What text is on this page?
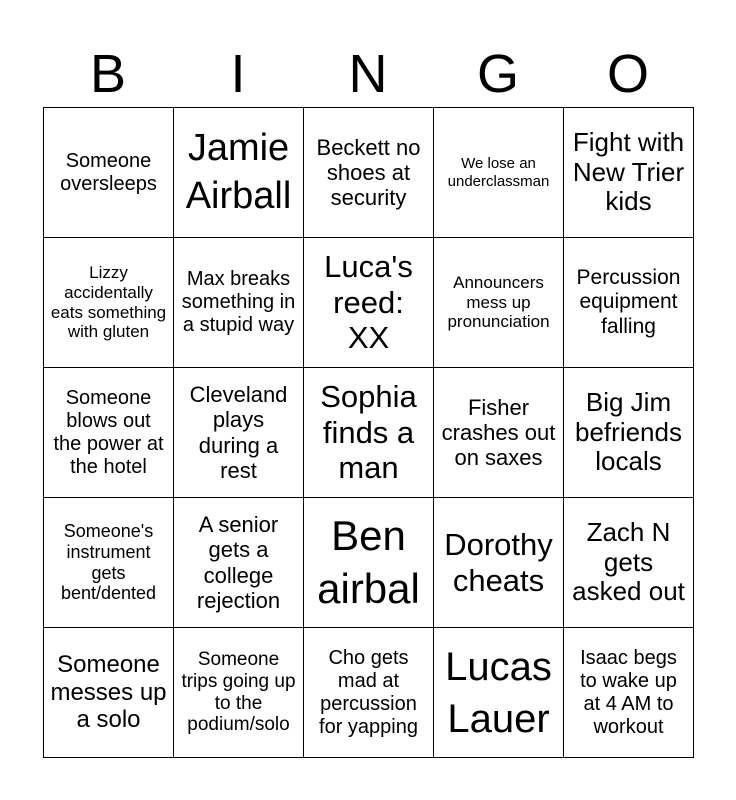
B	I	N	G	O
Someone oversleeps
Jamie Airball
Beckett no shoes at security
We lose an underclassman
Fight with New Trier kids
Lizzy accidentally eats something with gluten
Max breaks something in a stupid way
Luca's reed: XX
Announcers mess up pronunciation
Percussion equipment falling
Someone blows out the power at the hotel
Cleveland plays during a rest
Sophia finds a man
Fisher crashes out on saxes
Big Jim befriends locals
Someone's instrument gets bent/dented
A senior gets a college rejection
Ben airbal
Dorothy cheats
Zach N gets asked out
Someone messes up a solo
Someone trips going up to the podium/solo
Cho gets mad at percussion for yapping
Lucas Lauer
Isaac begs to wake up at 4 AM to workout
